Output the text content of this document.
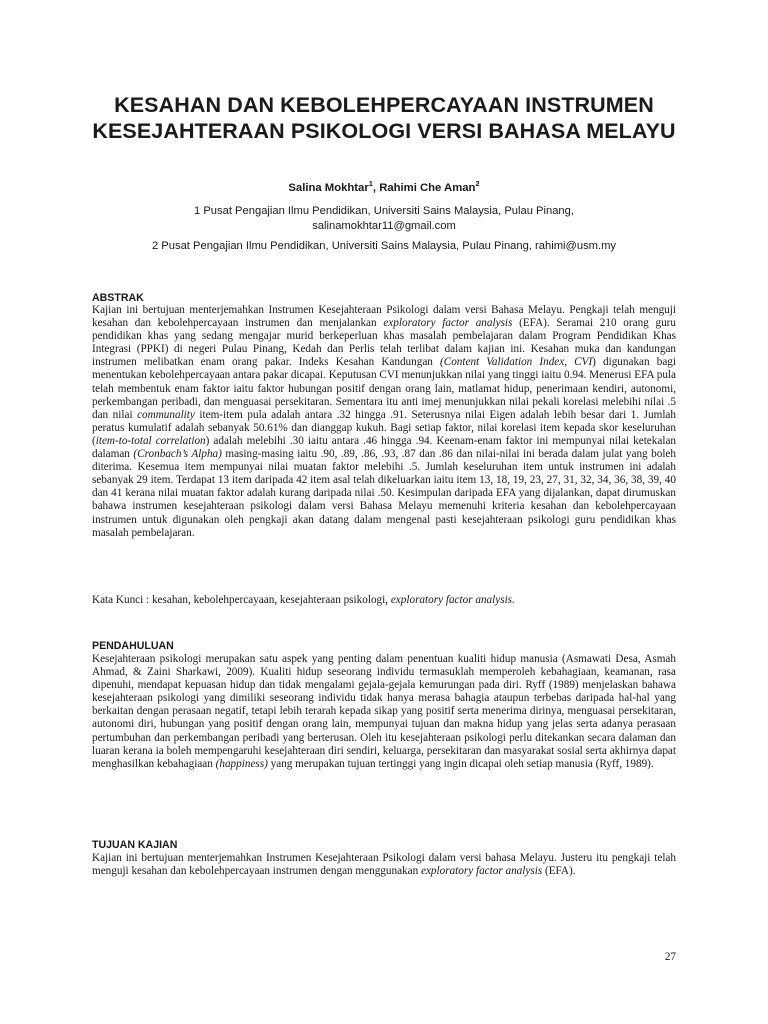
KESAHAN DAN KEBOLEHPERCAYAAN INSTRUMEN KESEJAHTERAAN PSIKOLOGI VERSI BAHASA MELAYU

Salina Mokhtar$^1$, Rahimi Che Aman$^2$

1 Pusat Pengajian Ilmu Pendidikan, Universiti Sains Malaysia, Pulau Pinang,
salinamokhtar11@gmail.com

2 Pusat Pengajian Ilmu Pendidikan, Universiti Sains Malaysia, Pulau Pinang, rahimi@usm.my

ABSTRAK

Kajian ini bertujuan menterjemahkan Instrumen Kesejahteraan Psikologi dalam versi Bahasa Melayu. Pengkaji telah menguji kesahan dan kebolehpercayaan instrumen dan menjalankan exploratory factor analysis (EFA). Seramai 210 orang guru pendidikan khas yang sedang mengajar murid berkeperluan khas masalah pembelajaran dalam Program Pendidikan Khas Integrasi (PPKI) di negeri Pulau Pinang, Kedah dan Perlis telah terlibat dalam kajian ini. Kesahan muka dan kandungan instrumen melibatkan enam orang pakar. Indeks Kesahan Kandungan (Content Validation Index, CVI) digunakan bagi menentukan kebolehpercayaan antara pakar dicapai. Keputusan CVI menunjukkan nilai yang tinggi iaitu 0.94. Menerusi EFA pula telah membentuk enam faktor iaitu faktor hubungan positif dengan orang lain, matlamat hidup, penerimaan kendiri, autonomi, perkembangan peribadi, dan menguasai persekitaran. Sementara itu anti imej menunjukkan nilai pekali korelasi melebihi nilai .5 dan nilai communality item-item pula adalah antara .32 hingga .91. Seterusnya nilai Eigen adalah lebih besar dari 1. Jumlah peratus kumulatif adalah sebanyak 50.61% dan dianggap kukuh. Bagi setiap faktor, nilai korelasi item kepada skor keseluruhan (item-to-total correlation) adalah melebihi .30 iaitu antara .46 hingga .94. Keenam-enam faktor ini mempunyai nilai ketekalan dalaman (Cronbach’s Alpha) masing-masing iaitu .90, .89, .86, .93, .87 dan .86 dan nilai-nilai ini berada dalam julat yang boleh diterima. Kesemua item mempunyai nilai muatan faktor melebihi .5. Jumlah keseluruhan item untuk instrumen ini adalah sebanyak 29 item. Terdapat 13 item daripada 42 item asal telah dikeluarkan iaitu item 13, 18, 19, 23, 27, 31, 32, 34, 36, 38, 39, 40 dan 41 kerana nilai muatan faktor adalah kurang daripada nilai .50. Kesimpulan daripada EFA yang dijalankan, dapat dirumuskan bahawa instrumen kesejahteraan psikologi dalam versi Bahasa Melayu memenuhi kriteria kesahan dan kebolehpercayaan instrumen untuk digunakan oleh pengkaji akan datang dalam mengenal pasti kesejahteraan psikologi guru pendidikan khas masalah pembelajaran.

Kata Kunci : kesahan, kebolehpercayaan, kesejahteraan psikologi, exploratory factor analysis.

PENDAHULUAN

Kesejahteraan psikologi merupakan satu aspek yang penting dalam penentuan kualiti hidup manusia (Asmawati Desa, Asmah Ahmad, & Zaini Sharkawi, 2009). Kualiti hidup seseorang individu termasuklah memperoleh kebahagiaan, keamanan, rasa dipenuhi, mendapat kepuasan hidup dan tidak mengalami gejala-gejala kemurungan pada diri. Ryff (1989) menjelaskan bahawa kesejahteraan psikologi yang dimiliki seseorang individu tidak hanya merasa bahagia ataupun terbebas daripada hal-hal yang berkaitan dengan perasaan negatif, tetapi lebih terarah kepada sikap yang positif serta menerima dirinya, menguasai persekitaran, autonomi diri, hubungan yang positif dengan orang lain, mempunyai tujuan dan makna hidup yang jelas serta adanya perasaan pertumbuhan dan perkembangan peribadi yang berterusan. Oleh itu kesejahteraan psikologi perlu ditekankan secara dalaman dan luaran kerana ia boleh mempengaruhi kesejahteraan diri sendiri, keluarga, persekitaran dan masyarakat sosial serta akhirnya dapat menghasilkan kebahagiaan (happiness) yang merupakan tujuan tertinggi yang ingin dicapai oleh setiap manusia (Ryff, 1989).

TUJUAN KAJIAN

Kajian ini bertujuan menterjemahkan Instrumen Kesejahteraan Psikologi dalam versi bahasa Melayu. Justeru itu pengkaji telah menguji kesahan dan kebolehpercayaan instrumen dengan menggunakan exploratory factor analysis (EFA).

27
